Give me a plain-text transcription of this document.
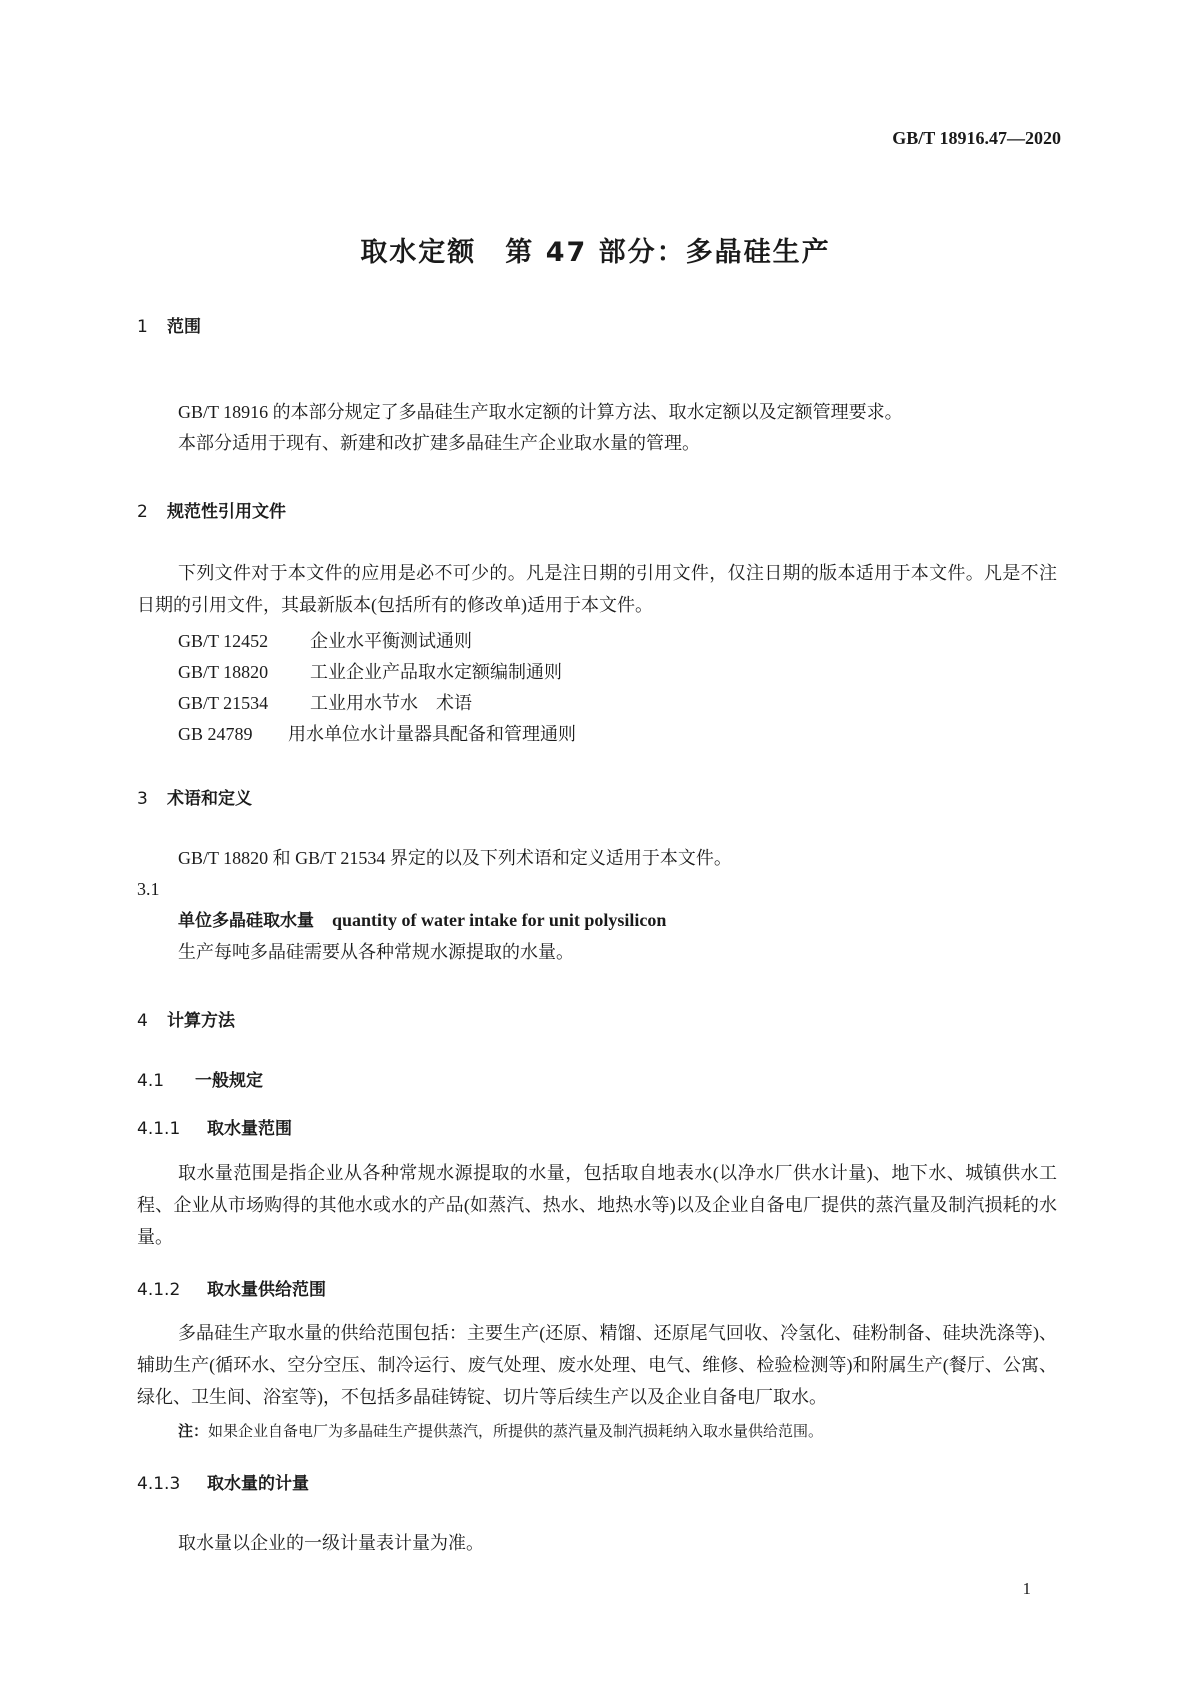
GB/T 18916.47—2020
取水定额　第 47 部分：多晶硅生产
1 范围
GB/T 18916 的本部分规定了多晶硅生产取水定额的计算方法、取水定额以及定额管理要求。
本部分适用于现有、新建和改扩建多晶硅生产企业取水量的管理。
2 规范性引用文件

下列文件对于本文件的应用是必不可少的。凡是注日期的引用文件，仅注日期的版本适用于本文件。凡是不注日期的引用文件，其最新版本(包括所有的修改单)适用于本文件。

GB/T 12452 企业水平衡测试通则
GB/T 18820 工业企业产品取水定额编制通则
GB/T 21534 工业用水节水　术语
GB 24789 用水单位水计量器具配备和管理通则
3 术语和定义
GB/T 18820 和 GB/T 21534 界定的以及下列术语和定义适用于本文件。
3.1
单位多晶硅取水量 quantity of water intake for unit polysilicon
生产每吨多晶硅需要从各种常规水源提取的水量。
4 计算方法
4.1 一般规定
4.1.1 取水量范围

取水量范围是指企业从各种常规水源提取的水量，包括取自地表水(以净水厂供水计量)、地下水、城镇供水工程、企业从市场购得的其他水或水的产品(如蒸汽、热水、地热水等)以及企业自备电厂提供的蒸汽量及制汽损耗的水量。

4.1.2 取水量供给范围

多晶硅生产取水量的供给范围包括：主要生产(还原、精馏、还原尾气回收、冷氢化、硅粉制备、硅块洗涤等)、辅助生产(循环水、空分空压、制冷运行、废气处理、废水处理、电气、维修、检验检测等)和附属生产(餐厅、公寓、绿化、卫生间、浴室等)，不包括多晶硅铸锭、切片等后续生产以及企业自备电厂取水。

注：如果企业自备电厂为多晶硅生产提供蒸汽，所提供的蒸汽量及制汽损耗纳入取水量供给范围。
4.1.3 取水量的计量
取水量以企业的一级计量表计量为准。
1
